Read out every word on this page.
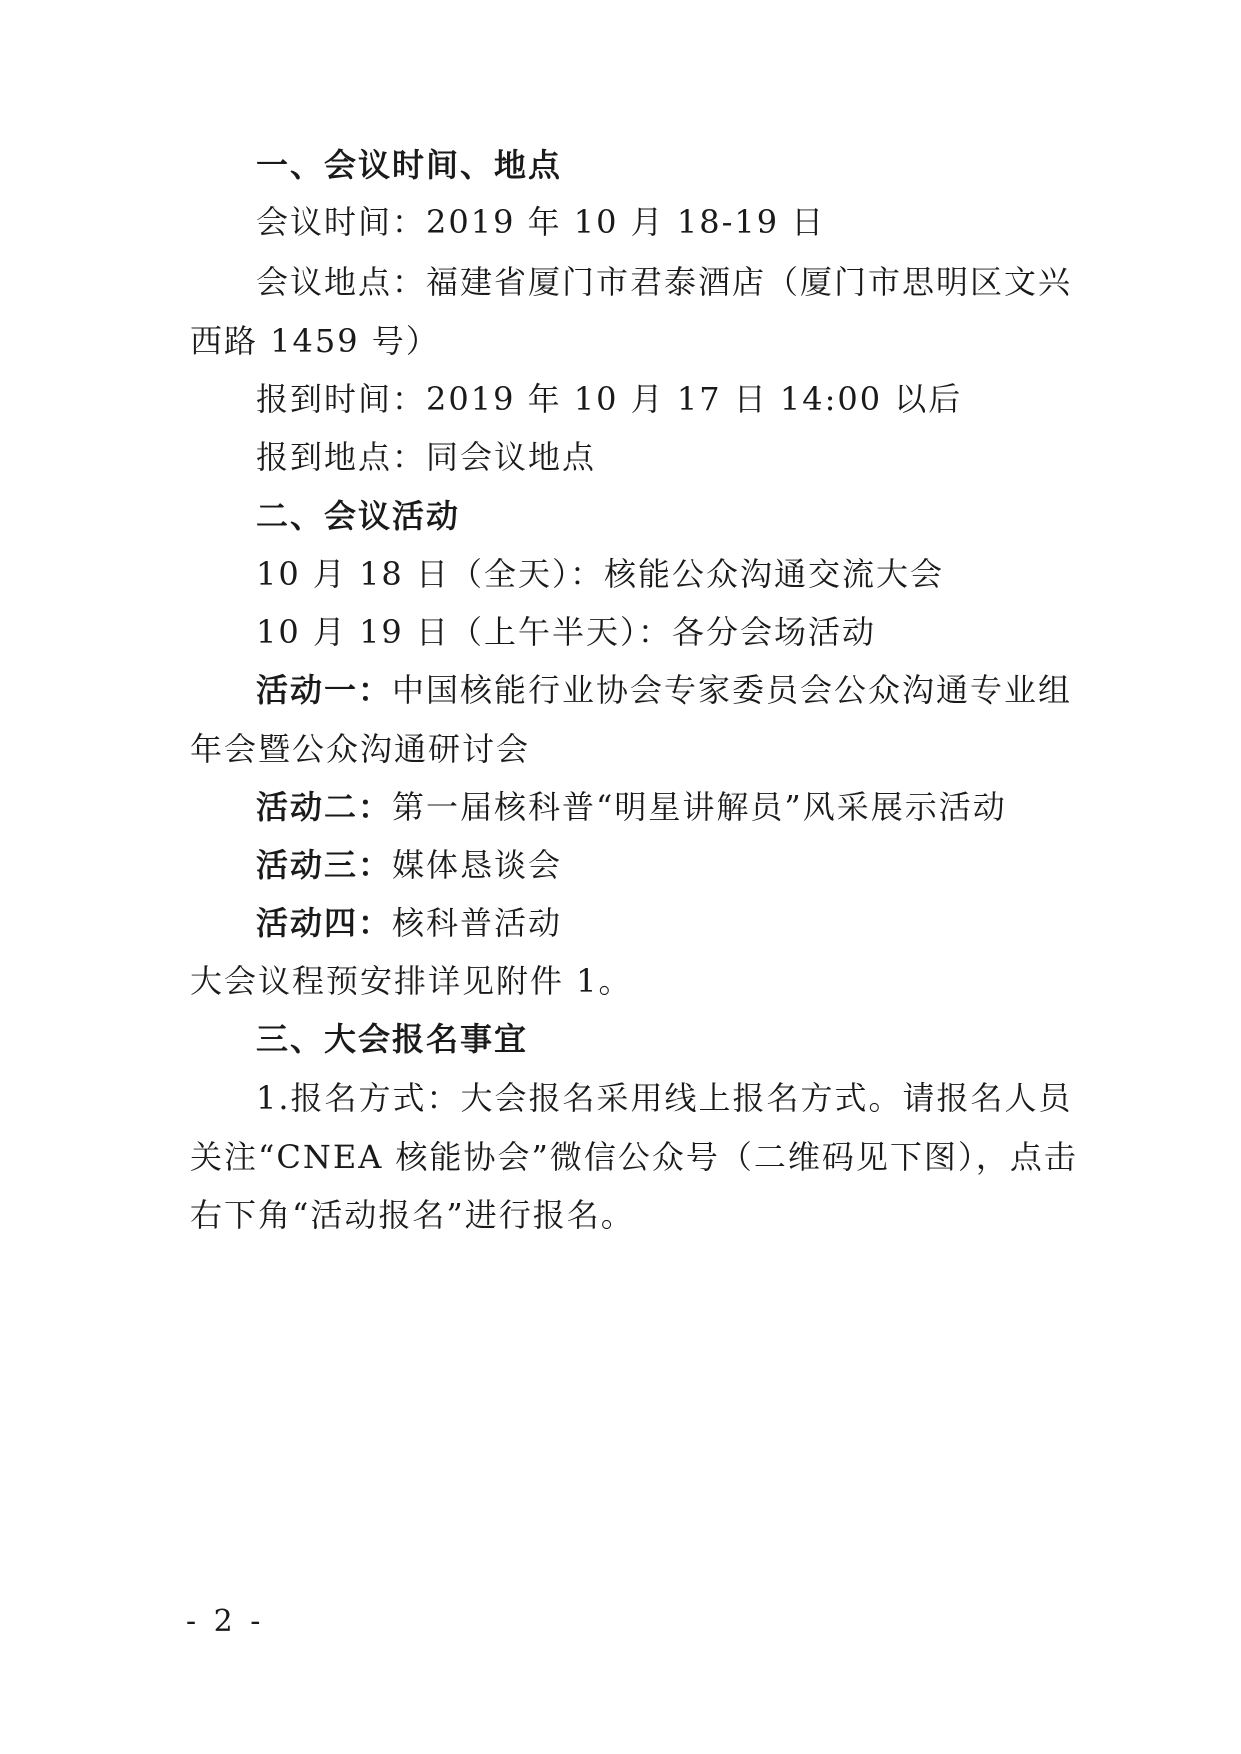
一、会议时间、地点
会议时间：2019 年 10 月 18-19 日
会议地点：福建省厦门市君泰酒店（厦门市思明区文兴
西路 1459 号）
报到时间：2019 年 10 月 17 日 14:00 以后
报到地点：同会议地点
二、会议活动
10 月 18 日（全天）：核能公众沟通交流大会
10 月 19 日（上午半天）：各分会场活动
活动一：中国核能行业协会专家委员会公众沟通专业组
年会暨公众沟通研讨会
活动二：第一届核科普“明星讲解员”风采展示活动
活动三：媒体恳谈会
活动四：核科普活动
大会议程预安排详见附件 1。
三、大会报名事宜
1.报名方式：大会报名采用线上报名方式。请报名人员
关注“CNEA 核能协会”微信公众号（二维码见下图），点击
右下角“活动报名”进行报名。
- 2 -
